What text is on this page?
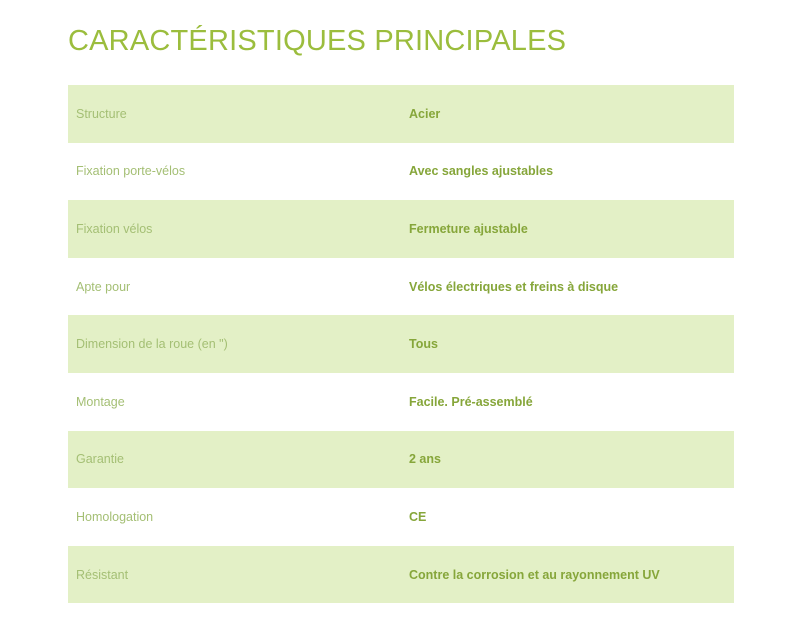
CARACTÉRISTIQUES PRINCIPALES
Structure	Acier
Fixation porte-vélos	Avec sangles ajustables
Fixation vélos	Fermeture ajustable
Apte pour	Vélos électriques et freins à disque
Dimension de la roue (en ")	Tous
Montage	Facile. Pré-assemblé
Garantie	2 ans
Homologation	CE
Résistant	Contre la corrosion et au rayonnement UV
